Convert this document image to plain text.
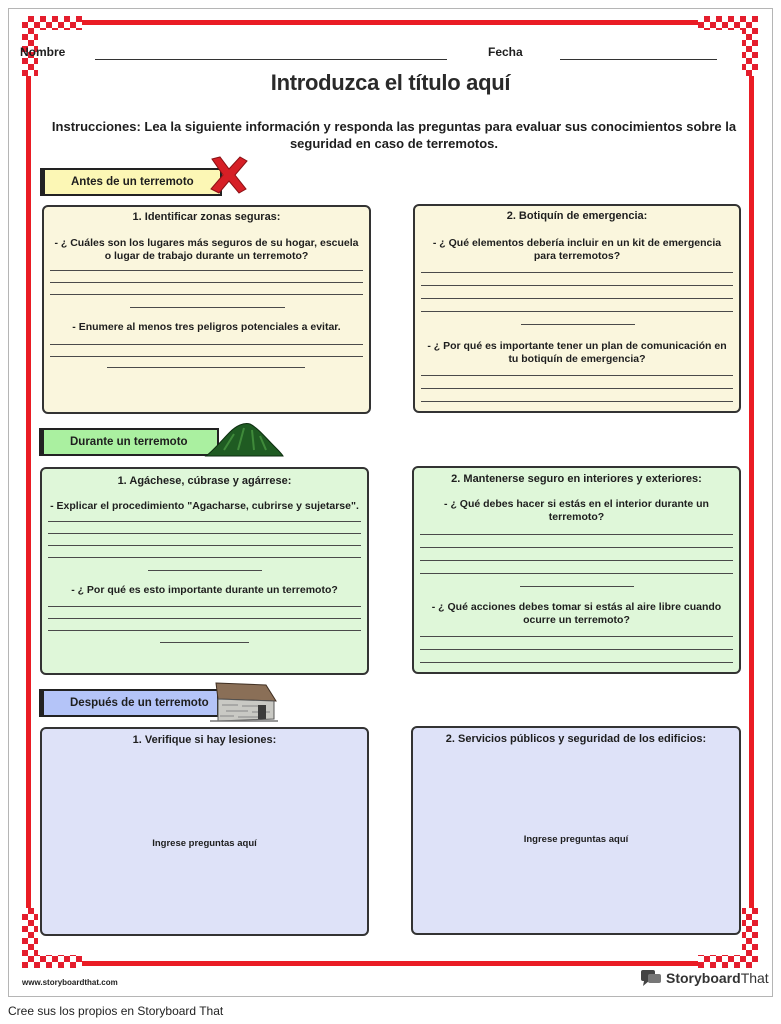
Nombre	Fecha
Introduzca el título aquí
Instrucciones: Lea la siguiente información y responda las preguntas para evaluar sus conocimientos sobre la seguridad en caso de terremotos.
Antes de un terremoto
1. Identificar zonas seguras:
- ¿ Cuáles son los lugares más seguros de su hogar, escuela o lugar de trabajo durante un terremoto?
- Enumere al menos tres peligros potenciales a evitar.
2. Botiquín de emergencia:
- ¿ Qué elementos debería incluir en un kit de emergencia para terremotos?
- ¿ Por qué es importante tener un plan de comunicación en tu botiquín de emergencia?
Durante un terremoto
1. Agáchese, cúbrase y agárrese:
- Explicar el procedimiento "Agacharse, cubrirse y sujetarse".
- ¿ Por qué es esto importante durante un terremoto?
2. Mantenerse seguro en interiores y exteriores:
- ¿ Qué debes hacer si estás en el interior durante un terremoto?
- ¿ Qué acciones debes tomar si estás al aire libre cuando ocurre un terremoto?
Después de un terremoto
1. Verifique si hay lesiones:
Ingrese preguntas aquí
2. Servicios públicos y seguridad de los edificios:
Ingrese preguntas aquí
www.storyboardthat.com	StoryboardThat
Cree sus los propios en Storyboard That
